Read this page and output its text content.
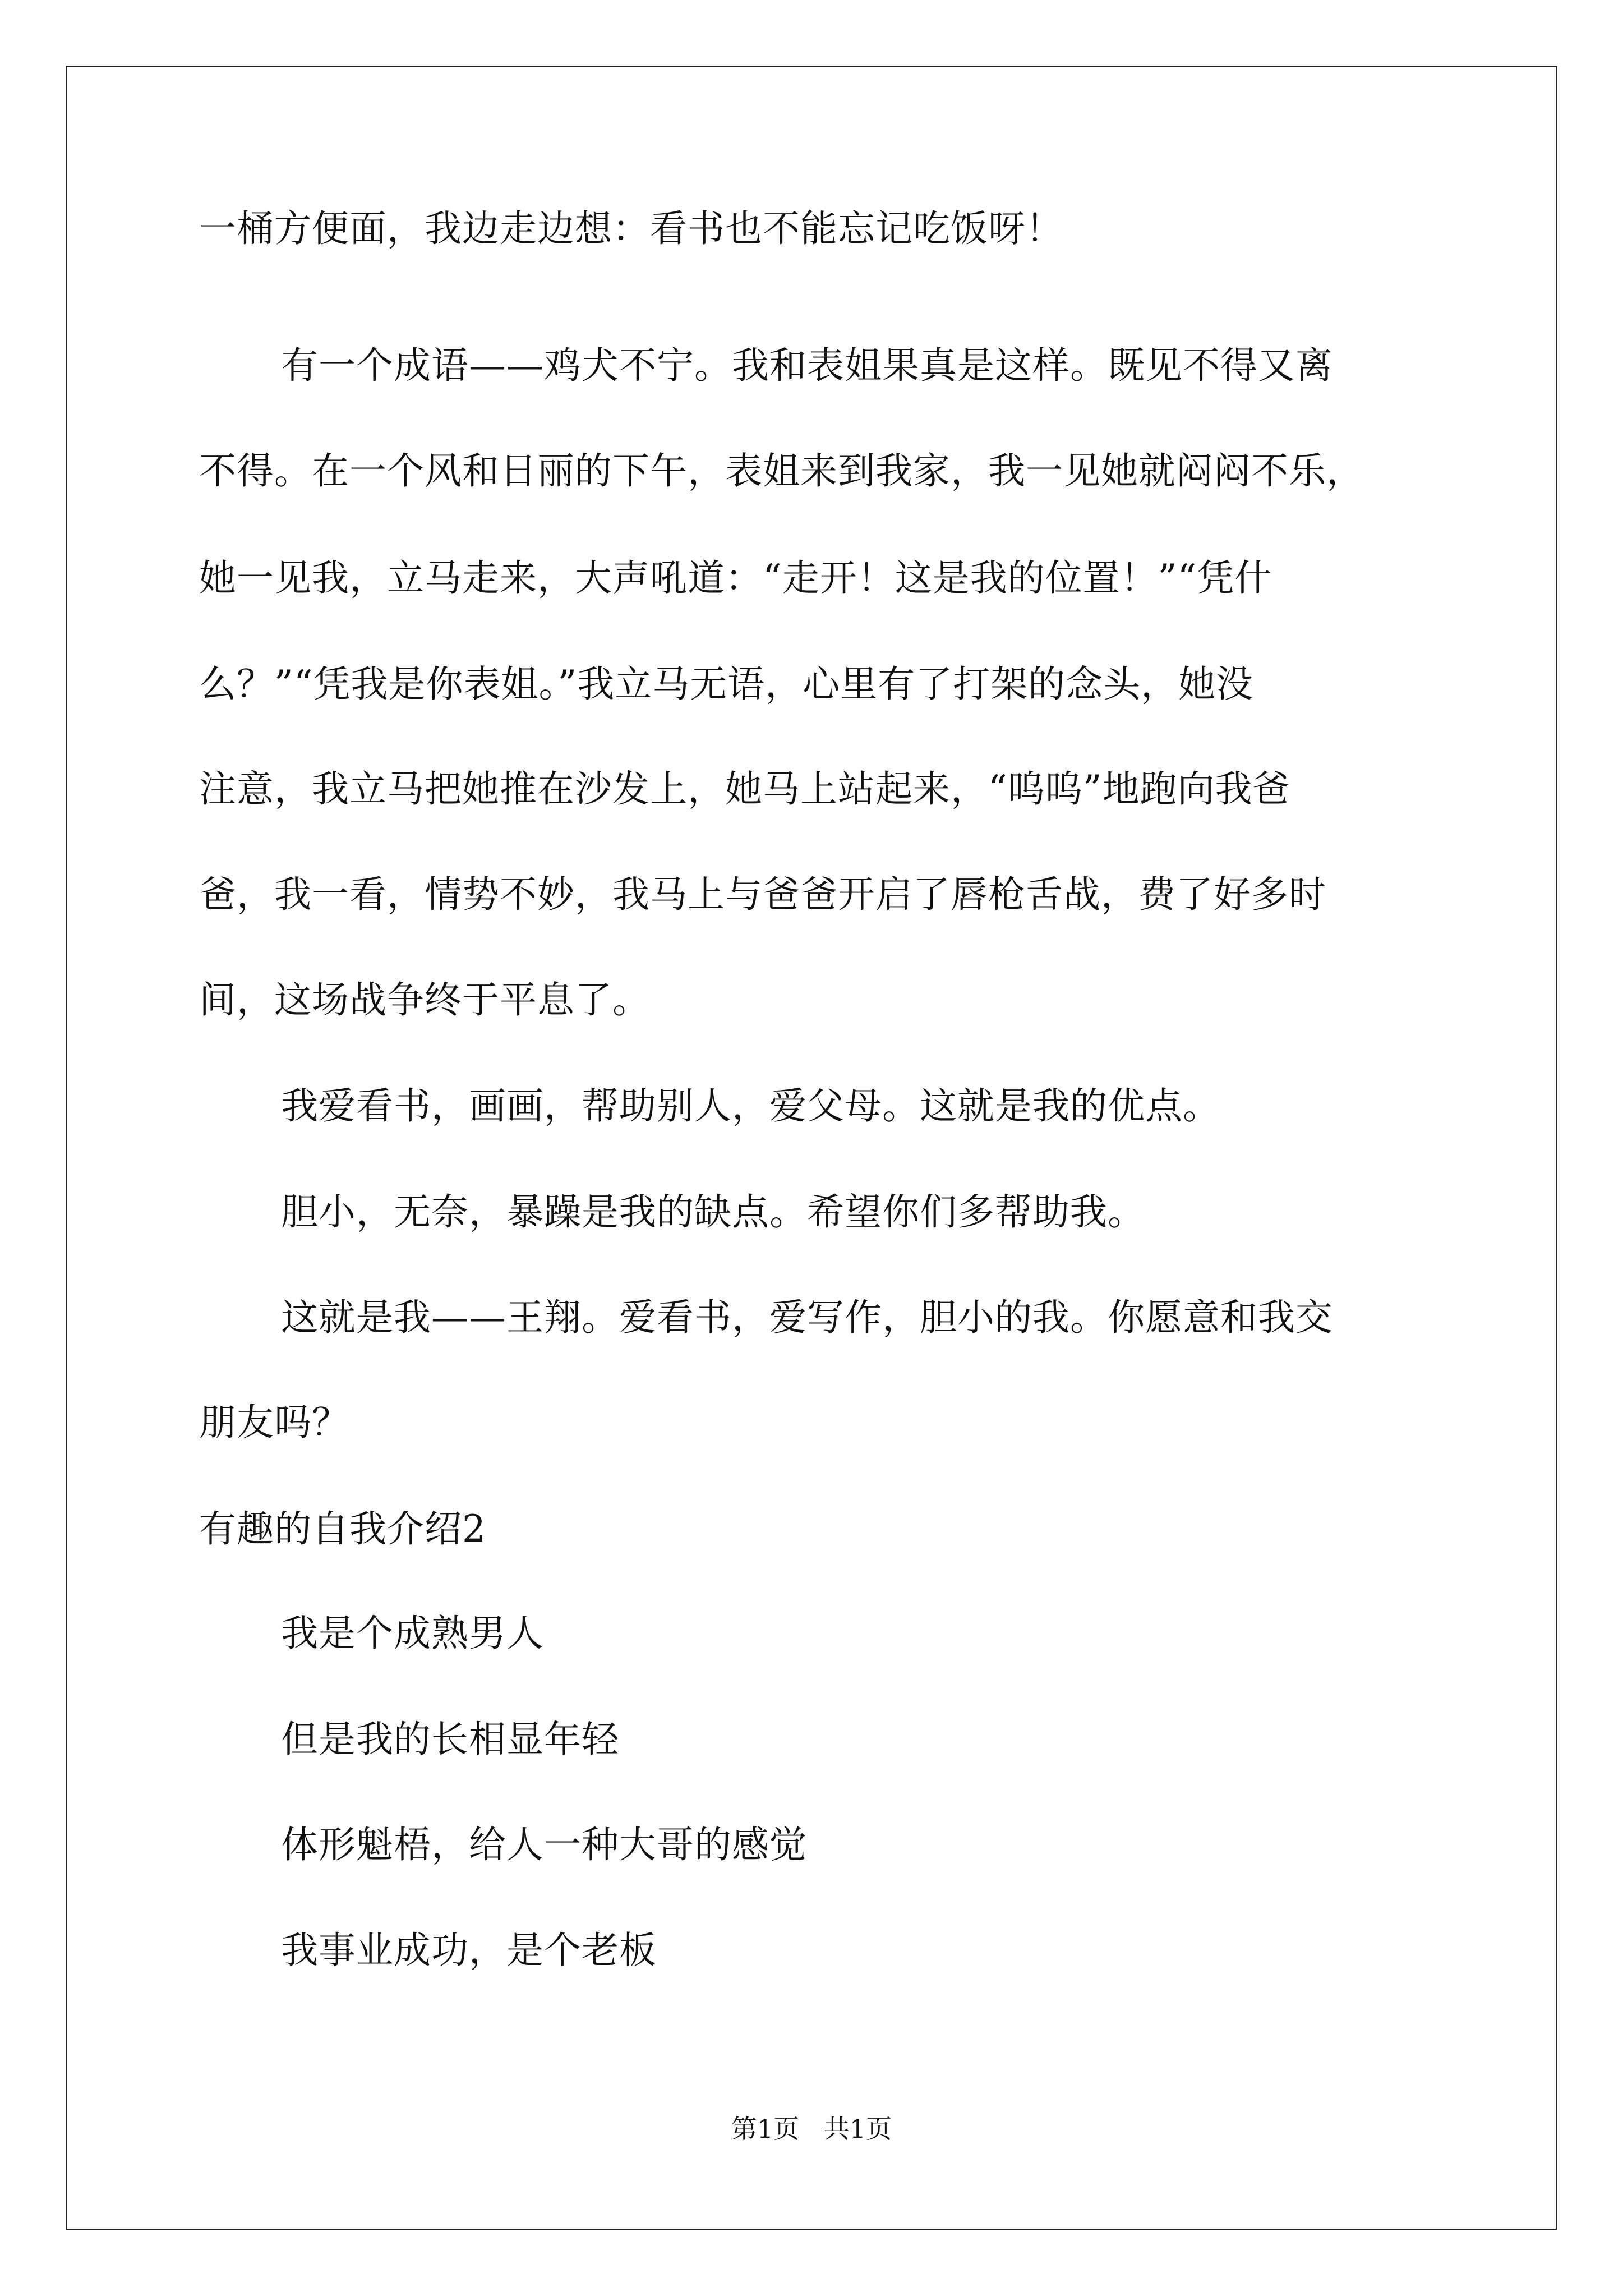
一桶方便面，我边走边想：看书也不能忘记吃饭呀！
有一个成语——鸡犬不宁。我和表姐果真是这样。既见不得又离
不得。在一个风和日丽的下午，表姐来到我家，我一见她就闷闷不乐，
她一见我，立马走来，大声吼道：“走开！这是我的位置！”“凭什
么？”“凭我是你表姐。”我立马无语，心里有了打架的念头，她没
注意，我立马把她推在沙发上，她马上站起来，“呜呜”地跑向我爸
爸，我一看，情势不妙，我马上与爸爸开启了唇枪舌战，费了好多时
间，这场战争终于平息了。
我爱看书，画画，帮助别人，爱父母。这就是我的优点。
胆小，无奈，暴躁是我的缺点。希望你们多帮助我。
这就是我——王翔。爱看书，爱写作，胆小的我。你愿意和我交
朋友吗？
有趣的自我介绍2
我是个成熟男人
但是我的长相显年轻
体形魁梧，给人一种大哥的感觉
我事业成功，是个老板
第1页   共1页
